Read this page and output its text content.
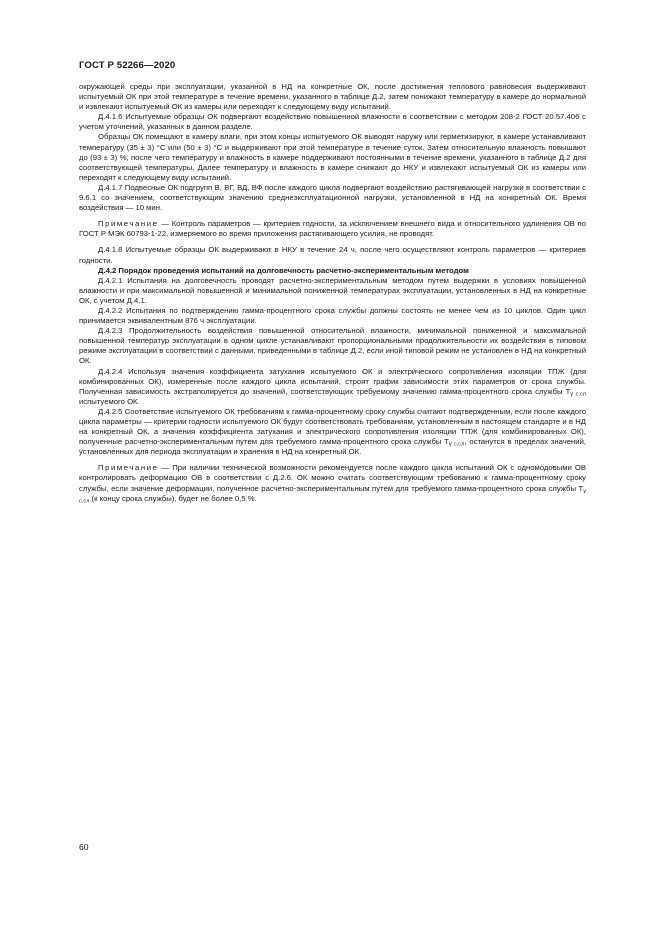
ГОСТ Р 52266—2020

окружающей среды при эксплуатации, указанной в НД на конкретные ОК, после достижения теплового равновесия выдерживают испытуемый ОК при этой температуре в течение времени, указанного в таблице Д.2, затем понижают температуру в камере до нормальной и извлекают испытуемый ОК из камеры или переходят к следующему виду испытаний.

Д.4.1.6 Испытуемые образцы ОК подвергают воздействию повышенной влажности в соответствии с методом 208-2 ГОСТ 20.57.406 с учетом уточнений, указанных в данном разделе.

Образцы ОК помещают в камеру влаги, при этом концы испытуемого ОК выводят наружу или герметизируют, в камере устанавливают температуру (35 ± 3) °С или (50 ± 3) °С и выдерживают при этой температуре в течение суток. Затем относительную влажность повышают до (93 ± 3) %, после чего температуру и влажность в камере поддерживают постоянными в течение времени, указанного в таблице Д.2 для соответствующей температуры. Далее температуру и влажность в камере снижают до НКУ и извлекают испытуемый ОК из камеры или переходят к следующему виду испытаний.

Д.4.1.7 Подвесные ОК подгрупп В, ВГ, ВД, ВФ после каждого цикла подвергают воздействию растягивающей нагрузки в соответствии с 9.6.1 со значением, соответствующим значению среднеэксплуатационной нагрузки, установленной в НД на конкретный ОК. Время воздействия — 10 мин.

Примечание — Контроль параметров — критериев годности, за исключением внешнего вида и относительного удлинения ОВ по ГОСТ Р МЭК 60793-1-22, измеряемого во время приложения растягивающего усилия, не проводят.

Д.4.1.8 Испытуемые образцы ОК выдерживают в НКУ в течение 24 ч, после чего осуществляют контроль параметров — критериев годности.

Д.4.2 Порядок проведения испытаний на долговечность расчетно-экспериментальным методом

Д.4.2.1 Испытания на долговечность проводят расчетно-экспериментальным методом путем выдержки в условиях повышенной влажности и при максимальной повышенной и минимальной пониженной температурах эксплуатации, установленных в НД на конкретные ОК, с учетом Д.4.1.

Д.4.2.2 Испытания по подтверждению гамма-процентного срока службы должны состоять не менее чем из 10 циклов. Один цикл принимается эквивалентным 876 ч эксплуатации.

Д.4.2.3 Продолжительность воздействия повышенной относительной влажности, минимальной пониженной и максимальной повышенной температур эксплуатации в одном цикле устанавливают пропорциональными продолжительности их воздействия в типовом режиме эксплуатации в соответствии с данными, приведенными в таблице Д.2, если иной типовой режим не установлен в НД на конкретный ОК.

Д.4.2.4 Используя значения коэффициента затухания испытуемого ОК и электрического сопротивления изоляции ТПЖ (для комбинированных ОК), измеренные после каждого цикла испытаний, строят график зависимости этих параметров от срока службы. Полученная зависимость экстраполируется до значений, соответствующих требуемому значению гамма-процентного срока службы $Т_{\gamma с.сл}$ испытуемого ОК.

Д.4.2.5 Соответствие испытуемого ОК требованиям к гамма-процентному сроку службы считают подтвержденным, если после каждого цикла параметры — критерии годности испытуемого ОК будут соответствовать требованиям, установленным в настоящем стандарте и в НД на конкретный ОК, а значения коэффициента затухания и электрического сопротивления изоляции ТПЖ (для комбинированных ОК), полученные расчетно-экспериментальным путем для требуемого гамма-процентного срока службы $Т_{\gamma с.сл}$, останутся в пределах значений, установленных для периода эксплуатации и хранения в НД на конкретный ОК.

Примечание — При наличии технической возможности рекомендуется после каждого цикла испытаний ОК с одномодовыми ОВ контролировать деформацию ОВ в соответствии с Д.2.6. ОК можно считать соответствующим требованию к гамма-процентному сроку службы, если значение деформации, полученное расчетно-экспериментальным путем для требуемого гамма-процентного срока службы $Т_{\gamma с.сл}$ (к концу срока службы), будет не более 0,5 %.

60
